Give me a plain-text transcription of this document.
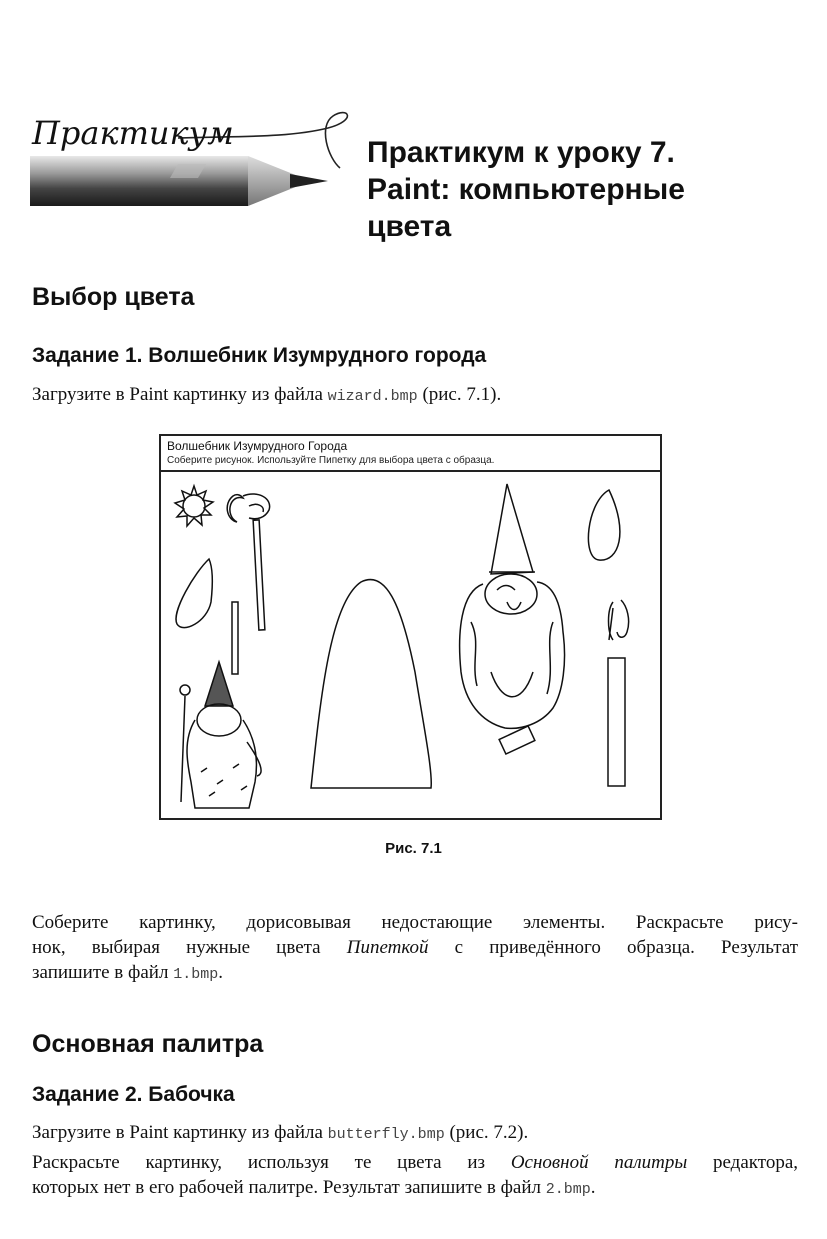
Практикум
Практикум к уроку 7.
Paint: компьютерные
цвета
Выбор цвета
Задание 1. Волшебник Изумрудного города
Загрузите в Paint картинку из файла wizard.bmp (рис. 7.1).
Волшебник Изумрудного Города
Соберите рисунок. Используйте Пипетку для выбора цвета с образца.
Рис. 7.1
Соберите картинку, дорисовывая недостающие элементы. Раскрасьте рису-
нок, выбирая нужные цвета Пипеткой с приведённого образца. Результат
запишите в файл 1.bmp.
Основная палитра
Задание 2. Бабочка
Загрузите в Paint картинку из файла butterfly.bmp (рис. 7.2).
Раскрасьте картинку, используя те цвета из Основной палитры редактора,
которых нет в его рабочей палитре. Результат запишите в файл 2.bmp.
